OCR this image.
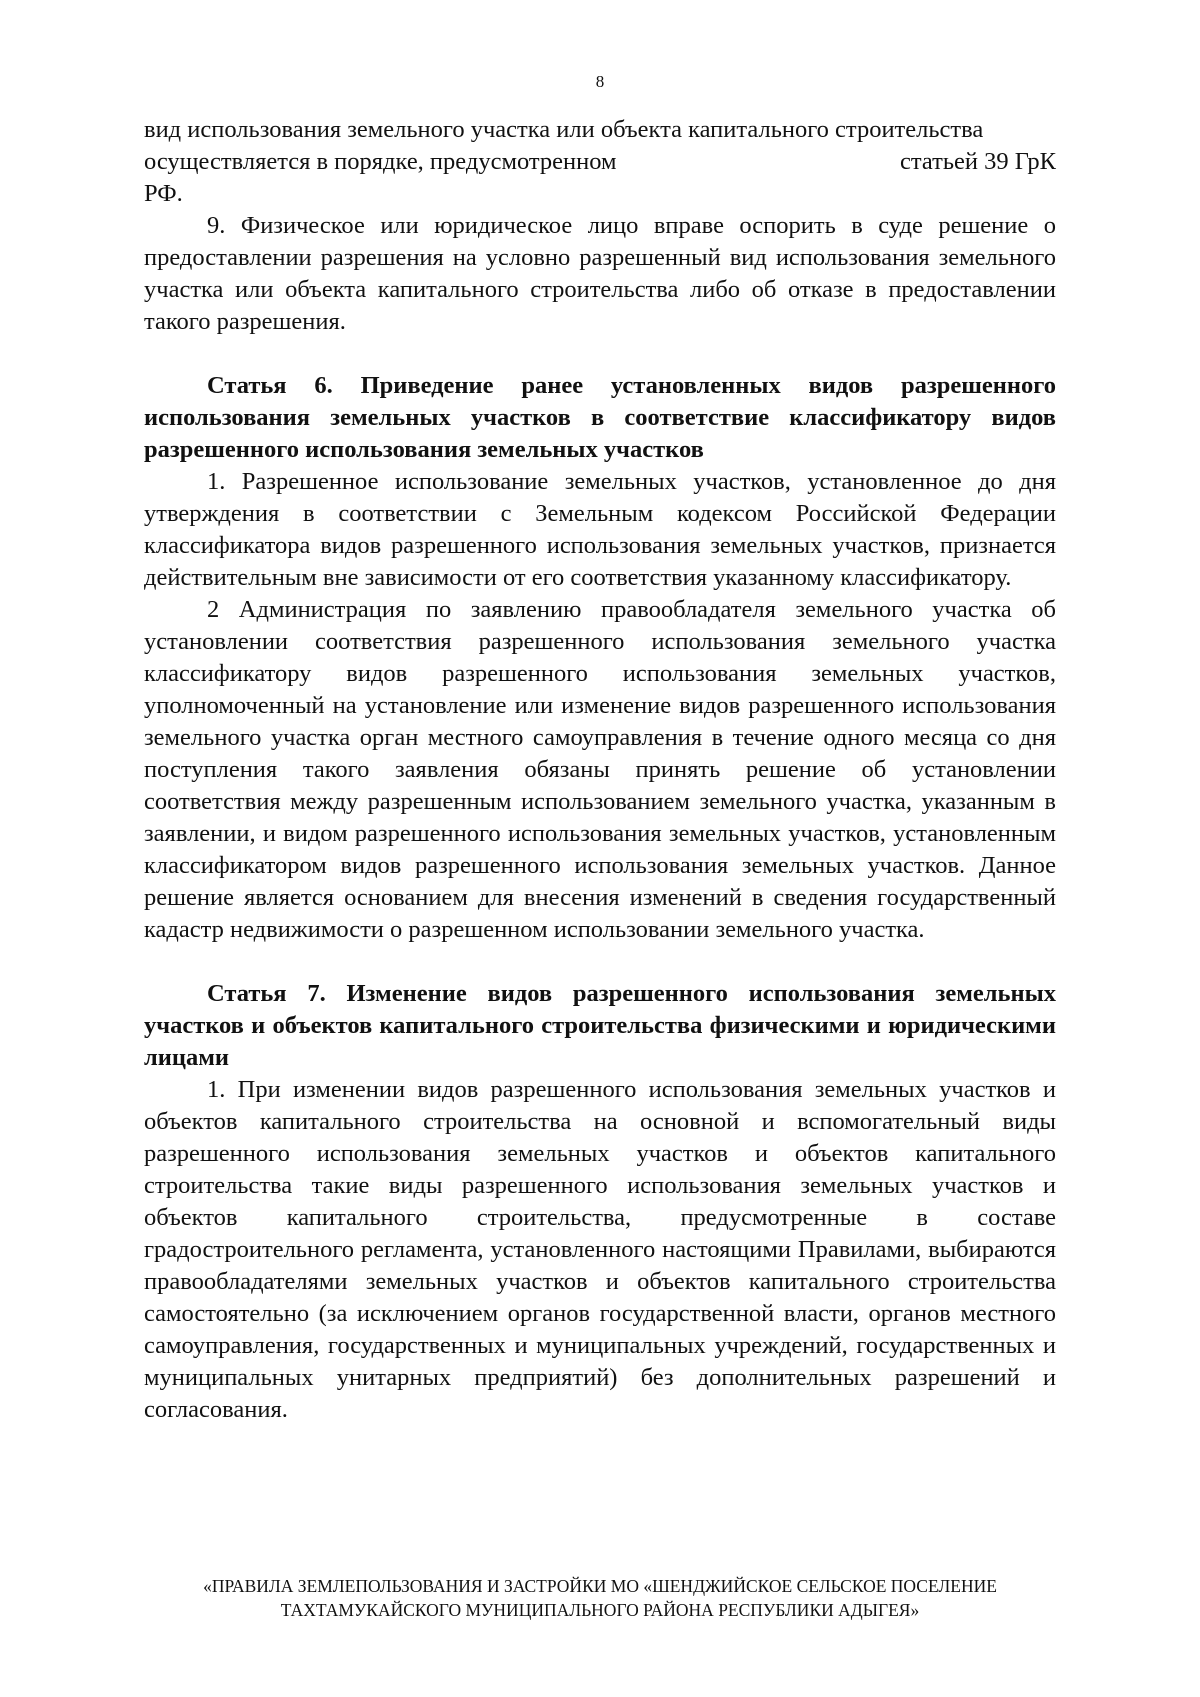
8

вид использования земельного участка или объекта капитального строительства

осуществляется в порядке, предусмотренном	статьей 39 ГрК

РФ.

9. Физическое или юридическое лицо вправе оспорить в суде решение о предоставлении разрешения на условно разрешенный вид использования земельного участка или объекта капитального строительства либо об отказе в предоставлении такого разрешения.

Статья 6. Приведение ранее установленных видов разрешенного использования земельных участков в соответствие классификатору видов разрешенного использования земельных участков

1. Разрешенное использование земельных участков, установленное до дня утверждения в соответствии с Земельным кодексом Российской Федерации классификатора видов разрешенного использования земельных участков, признается действительным вне зависимости от его соответствия указанному классификатору.

2 Администрация по заявлению правообладателя земельного участка об установлении соответствия разрешенного использования земельного участка классификатору видов разрешенного использования земельных участков, уполномоченный на установление или изменение видов разрешенного использования земельного участка орган местного самоуправления в течение одного месяца со дня поступления такого заявления обязаны принять решение об установлении соответствия между разрешенным использованием земельного участка, указанным в заявлении, и видом разрешенного использования земельных участков, установленным классификатором видов разрешенного использования земельных участков. Данное решение является основанием для внесения изменений в сведения государственный кадастр недвижимости о разрешенном использовании земельного участка.

Статья 7. Изменение видов разрешенного использования земельных участков и объектов капитального строительства физическими и юридическими лицами

1. При изменении видов разрешенного использования земельных участков и объектов капитального строительства на основной и вспомогательный виды разрешенного использования земельных участков и объектов капитального строительства такие виды разрешенного использования земельных участков и объектов капитального строительства, предусмотренные в составе градостроительного регламента, установленного настоящими Правилами, выбираются правообладателями земельных участков и объектов капитального строительства самостоятельно (за исключением органов государственной власти, органов местного самоуправления, государственных и муниципальных учреждений, государственных и муниципальных унитарных предприятий) без дополнительных разрешений и согласования.

«ПРАВИЛА ЗЕМЛЕПОЛЬЗОВАНИЯ И ЗАСТРОЙКИ МО «ШЕНДЖИЙСКОЕ СЕЛЬСКОЕ ПОСЕЛЕНИЕ
ТАХТАМУКАЙСКОГО МУНИЦИПАЛЬНОГО РАЙОНА РЕСПУБЛИКИ АДЫГЕЯ»
